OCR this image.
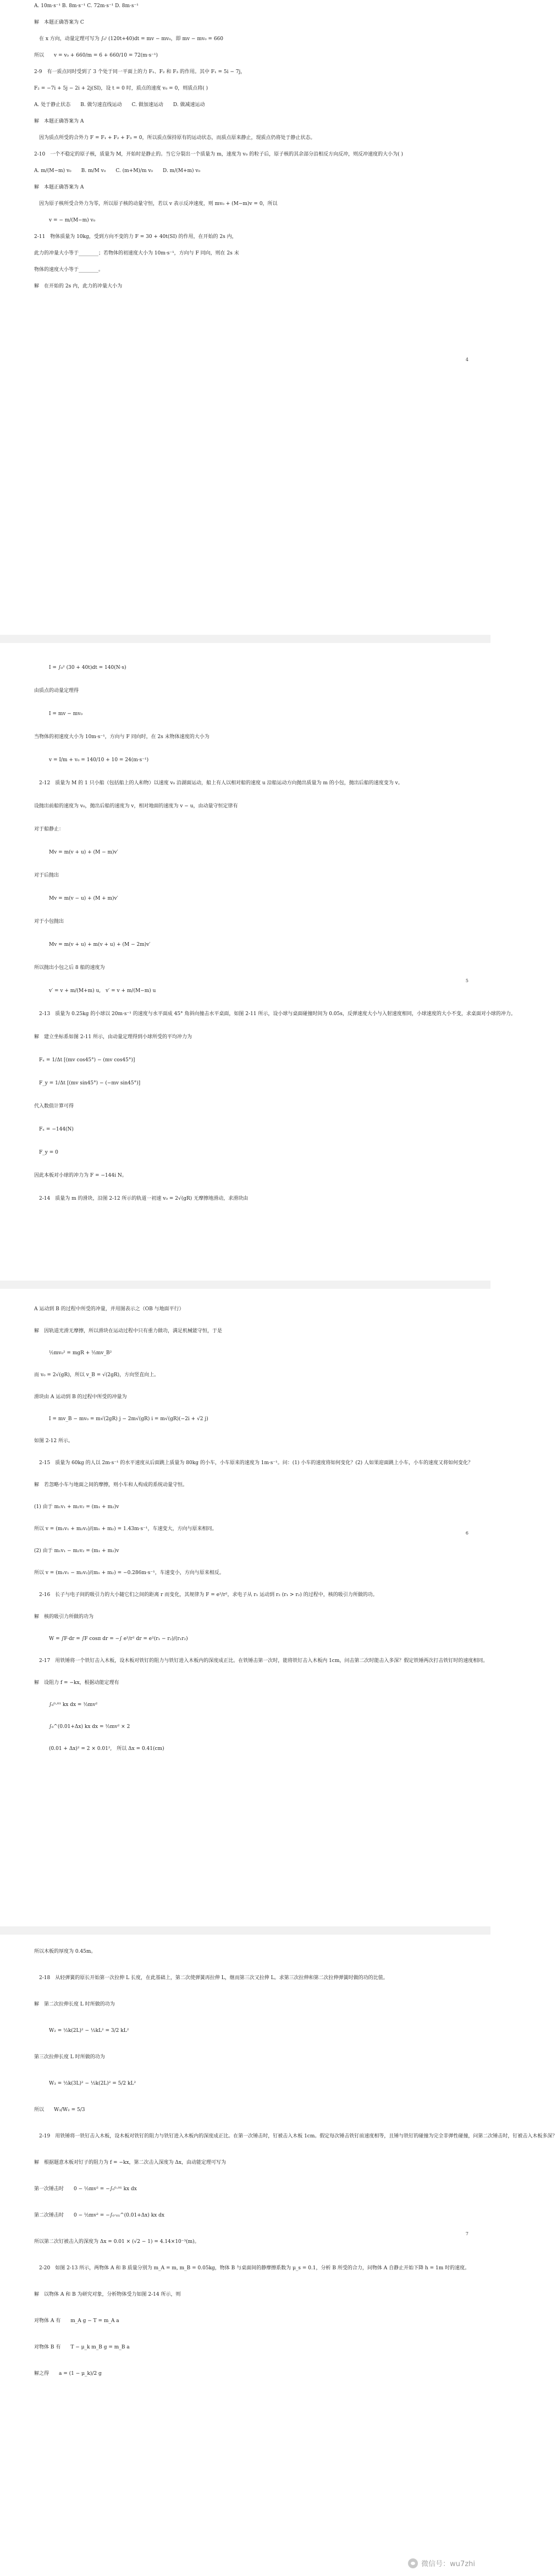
A. 10m·s⁻¹ B. 8m·s⁻¹ C. 72m·s⁻¹ D. 8m·s⁻¹
解　本题正确答案为 C
　在 x 方向，动量定理可写为 ∫₀ᵗ (120t+40)dt = mv − mv₀，即 mv − mv₀ = 660
所以　　v = v₀ + 660/m = 6 + 660/10 = 72(m·s⁻¹)
2-9　有一质点同时受到了 3 个处于同一平面上的力 F₁、F₂ 和 F₃ 的作用。其中 F₁ = 5i − 7j，
F₂ = −7i + 5j − 2i + 2j(SI)，设 t = 0 时，质点的速度 v₀ = 0，则质点将( )
A. 处于静止状态　　B. 做匀速直线运动　　C. 做加速运动　　D. 做减速运动
解　本题正确答案为 A
　因为质点所受的合外力 F = F₁ + F₂ + F₃ = 0，所以质点保持原有的运动状态，而质点原来静止，现质点仍将处于静止状态。
2-10　一个不稳定的原子核，质量为 M，开始时是静止的。当它分裂出一个质量为 m，速度为 v₀ 的粒子后，原子核的其余部分沿相反方向反冲，则反冲速度的大小为( )
A. m/(M−m) v₀　　B. m/M v₀　　C. (m+M)/m v₀　　D. m/(M+m) v₀
解　本题正确答案为 A
　因为原子核所受合外力为零，所以原子核的动量守恒，若以 v 表示反冲速度，则 mv₀ + (M−m)v = 0，所以
　　　v = − m/(M−m) v₀
2-11　物体质量为 10kg，受到方向不变的力 F = 30 + 40t(SI) 的作用，在开始的 2s 内，
此力的冲量大小等于________；若物体的初速度大小为 10m·s⁻¹，方向与 F 同向，则在 2s 末
物体的速度大小等于________。
解　在开始的 2s 内，此力的冲量大小为
4
　　　I = ∫₀² (30 + 40t)dt = 140(N·s)
由质点的动量定理得
　　　I = mv − mv₀
当物体的初速度大小为 10m·s⁻¹，方向与 F 同向时，在 2s 末物体速度的大小为
　　　v = I/m + v₀ = 140/10 + 10 = 24(m·s⁻¹)
　2-12　质量为 M 的 1 只小船（包括船上的人和物）以速度 v₀ 沿湖面运动，船上有人以相对船的速度 u 沿船运动方向抛出质量为 m 的小包，抛出后船的速度变为 v。
设抛出前船的速度为 v₀，抛出后船的速度为 v，相对地面的速度为 v − u，由动量守恒定律有
对于船静止：
　　　Mv = m(v + u) + (M − m)v′
对于后抛出
　　　Mv = m(v − u) + (M + m)v′
对于小包抛出
　　　Mv = m(v + u) + m(v + u) + (M − 2m)v′
所以抛出小包之后 8 船的速度为
　　　v′ = v + m/(M+m) u,　v′ = v + m/(M−m) u
　2-13　质量为 0.25kg 的小球以 20m·s⁻¹ 的速度与水平面成 45° 角斜向撞击水平桌面，如图 2-11 所示，设小球与桌面碰撞时间为 0.05s，反弹速度大小与入射速度相同，小球速度的大小不变，求桌面对小球的冲力。
解　建立坐标系如图 2-11 所示，由动量定理得到小球所受的平均冲力为
　Fₓ = 1/Δt [(mv cos45°) − (mv cos45°)]
　F_y = 1/Δt [(mv sin45°) − (−mv sin45°)]
代入数值计算可得
　Fₓ = −144(N)
　F_y = 0
因此本板对小球的冲力为 F = −144i N。
　2-14　质量为 m 的滑块，沿图 2-12 所示的轨道一初速 v₀ = 2√(gR) 无摩擦地滑动，求滑块由
5
A 运动到 B 的过程中所受的冲量，并用图表示之（OB 与地面平行）
解　因轨道光滑无摩擦，所以滑块在运动过程中只有重力做功，满足机械能守恒，于是
　　　½mv₀² = mgR + ½mv_B²
而 v₀ = 2√(gR)，所以 v_B = √(2gR)，方向竖直向上。
滑块由 A 运动到 B 的过程中所受的冲量为
　　　I = mv_B − mv₀ = m√(2gR) j − 2m√(gR) i = m√(gR)(−2i + √2 j)
如图 2-12 所示。
　2-15　质量为 60kg 的人以 2m·s⁻¹ 的水平速度从后面跳上质量为 80kg 的小车，小车原来的速度为 1m·s⁻¹。问：(1) 小车的速度将如何变化？(2) 人如果迎面跳上小车，小车的速度又将如何变化？
解　若忽略小车与地面之间的摩擦，则小车和人构成的系统动量守恒。
(1) 由于 m₁v₁ + m₂v₂ = (m₁ + m₂)v
所以 v = (m₁v₁ + m₂v₂)/(m₁ + m₂) = 1.43m·s⁻¹，车速变大，方向与原来相同。
(2) 由于 m₁v₁ − m₂v₂ = (m₁ + m₂)v
所以 v = (m₁v₁ − m₂v₂)/(m₁ + m₂) = −0.286m·s⁻¹，车速变小，方向与原来相反。
　2-16　长子与电子间的吸引力的大小随它们之间的距离 r 而变化，其规律为 F = e²/r²，求电子从 r₁ 运动到 r₂ (r₁ > r₂) 的过程中，核的吸引力所做的功。
解　核的吸引力所做的功为
　　　W = ∫F·dr = ∫F cosπ dr = −∫ e²/r² dr = e²(r₁ − r₂)/(r₁r₂)
　2-17　用铁锤将一个铁钉击入木板，设木板对铁钉的阻力与铁钉进入木板内的深度成正比。在铁锤击第一次时，能将铁钉击入木板内 1cm，问击第二次时能击入多深？假定铁锤两次打击铁钉时的速度相同。
解　设阻力 f = −kx，根据动能定理有
　　　∫₀⁰·⁰¹ kx dx = ½mv²
　　　∫₀^(0.01+Δx) kx dx = ½mv² × 2
　　　(0.01 + Δx)² = 2 × 0.01²,　所以 Δx = 0.41(cm)
6
所以木板的厚度为 0.45m。
　2-18　从轻弹簧的原长开始第一次拉伸 L 长度，在此基础上，第二次使弹簧再拉伸 L，继而第三次又拉伸 L。求第三次拉伸和第二次拉伸弹簧时做的功的比值。
解　第二次拉伸长度 L 时所做的功为
　　　W₂ = ½k(2L)² − ½kL² = 3/2 kL²
第三次拉伸长度 L 时所做的功为
　　　W₃ = ½k(3L)² − ½k(2L)² = 5/2 kL²
所以　　W₃/W₂ = 5/3
　2-19　用铁锤将一铁钉击入木板，设木板对铁钉的阻力与铁钉进入木板内的深度成正比。在第一次锤击时，钉被击入木板 1cm。假定每次锤击铁钉前速度相等，且锤与铁钉的碰撞为完全非弹性碰撞，问第二次锤击时，钉被击入木板多深？
解　根据题意木板对钉子的阻力为 f = −kx，第二次击入深度为 Δx，由动能定理可写为
第一次锤击时　　0 − ½mv² = −∫₀⁰·⁰¹ kx dx
第二次锤击时　　0 − ½mv² = −∫₀·₀₁^(0.01+Δx) kx dx
所以第二次钉被击入的深度为 Δx = 0.01 × (√2 − 1) = 4.14×10⁻³(m)。
　2-20　如图 2-13 所示，两物体 A 和 B 质量分别为 m_A = m, m_B = 0.05kg，物体 B 与桌面间的静摩擦系数为 μ_s = 0.1，分析 B 所受的合力，问物体 A 自静止开始下降 h = 1m 时的速度。
解　以物体 A 和 B 为研究对象，分析物体受力如图 2-14 所示，则
对物体 A 有　　m_A g − T = m_A a
对物体 B 有　　T − μ_k m_B g = m_B a
解之得　　a = (1 − μ_k)/2 g
7
微信号：wu7zhi
